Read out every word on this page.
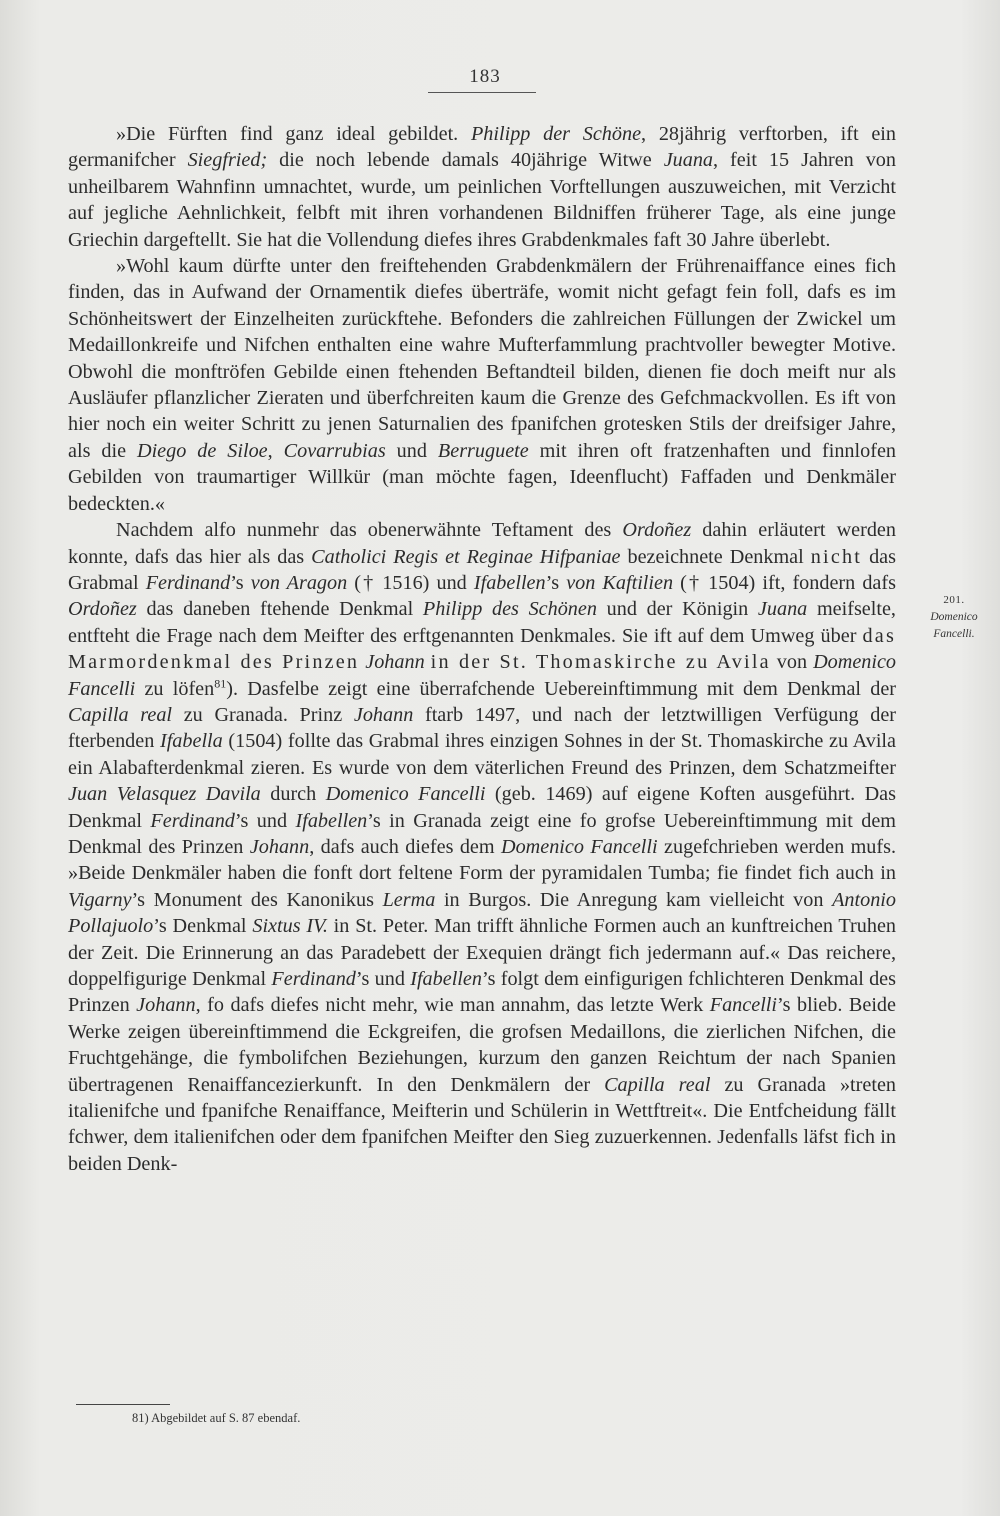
183

»Die Fürften find ganz ideal gebildet. Philipp der Schöne, 28jährig verftorben, ift ein germanifcher Siegfried; die noch lebende damals 40jährige Witwe Juana, feit 15 Jahren von unheilbarem Wahnfinn umnachtet, wurde, um peinlichen Vorftellungen auszuweichen, mit Verzicht auf jegliche Aehnlichkeit, felbft mit ihren vorhandenen Bildniffen früherer Tage, als eine junge Griechin dargeftellt. Sie hat die Vollendung diefes ihres Grabdenkmales faft 30 Jahre überlebt.

»Wohl kaum dürfte unter den freiftehenden Grabdenkmälern der Frührenaiffance eines fich finden, das in Aufwand der Ornamentik diefes überträfe, womit nicht gefagt fein foll, dafs es im Schönheitswert der Einzelheiten zurückftehe. Befonders die zahlreichen Füllungen der Zwickel um Medaillonkreife und Nifchen enthalten eine wahre Mufterfammlung prachtvoller bewegter Motive. Obwohl die monftröfen Gebilde einen ftehenden Beftandteil bilden, dienen fie doch meift nur als Ausläufer pflanzlicher Zieraten und überfchreiten kaum die Grenze des Gefchmackvollen. Es ift von hier noch ein weiter Schritt zu jenen Saturnalien des fpanifchen grotesken Stils der dreifsiger Jahre, als die Diego de Siloe, Covarrubias und Berruguete mit ihren oft fratzenhaften und finnlofen Gebilden von traumartiger Willkür (man möchte fagen, Ideenflucht) Faffaden und Denkmäler bedeckten.«

Nachdem alfo nunmehr das obenerwähnte Teftament des Ordoñez dahin erläutert werden konnte, dafs das hier als das Catholici Regis et Reginae Hifpaniae bezeichnete Denkmal nicht das Grabmal Ferdinand’s von Aragon († 1516) und Ifabellen’s von Kaftilien († 1504) ift, fondern dafs Ordoñez das daneben ftehende Denkmal Philipp des Schönen und der Königin Juana meifselte, entfteht die Frage nach dem Meifter des erftgenannten Denkmales. Sie ift auf dem Umweg über das Marmordenkmal des Prinzen Johann in der St. Thomaskirche zu Avila von Domenico Fancelli zu löfen$^{81}$). Dasfelbe zeigt eine überrafchende Uebereinftimmung mit dem Denkmal der Capilla real zu Granada. Prinz Johann ftarb 1497, und nach der letztwilligen Verfügung der fterbenden Ifabella (1504) follte das Grabmal ihres einzigen Sohnes in der St. Thomaskirche zu Avila ein Alabafterdenkmal zieren. Es wurde von dem väterlichen Freund des Prinzen, dem Schatzmeifter Juan Velasquez Davila durch Domenico Fancelli (geb. 1469) auf eigene Koften ausgeführt. Das Denkmal Ferdinand’s und Ifabellen’s in Granada zeigt eine fo grofse Uebereinftimmung mit dem Denkmal des Prinzen Johann, dafs auch diefes dem Domenico Fancelli zugefchrieben werden mufs. »Beide Denkmäler haben die fonft dort feltene Form der pyramidalen Tumba; fie findet fich auch in Vigarny’s Monument des Kanonikus Lerma in Burgos. Die Anregung kam vielleicht von Antonio Pollajuolo’s Denkmal Sixtus IV. in St. Peter. Man trifft ähnliche Formen auch an kunftreichen Truhen der Zeit. Die Erinnerung an das Paradebett der Exequien drängt fich jedermann auf.« Das reichere, doppelfigurige Denkmal Ferdinand’s und Ifabellen’s folgt dem einfigurigen fchlichteren Denkmal des Prinzen Johann, fo dafs diefes nicht mehr, wie man annahm, das letzte Werk Fancelli’s blieb. Beide Werke zeigen übereinftimmend die Eckgreifen, die grofsen Medaillons, die zierlichen Nifchen, die Fruchtgehänge, die fymbolifchen Beziehungen, kurzum den ganzen Reichtum der nach Spanien übertragenen Renaiffancezierkunft. In den Denkmälern der Capilla real zu Granada »treten italienifche und fpanifche Renaiffance, Meifterin und Schülerin in Wettftreit«. Die Entfcheidung fällt fchwer, dem italienifchen oder dem fpanifchen Meifter den Sieg zuzuerkennen. Jedenfalls läfst fich in beiden Denk-

201.
Domenico
Fancelli.
81) Abgebildet auf S. 87 ebendaf.
